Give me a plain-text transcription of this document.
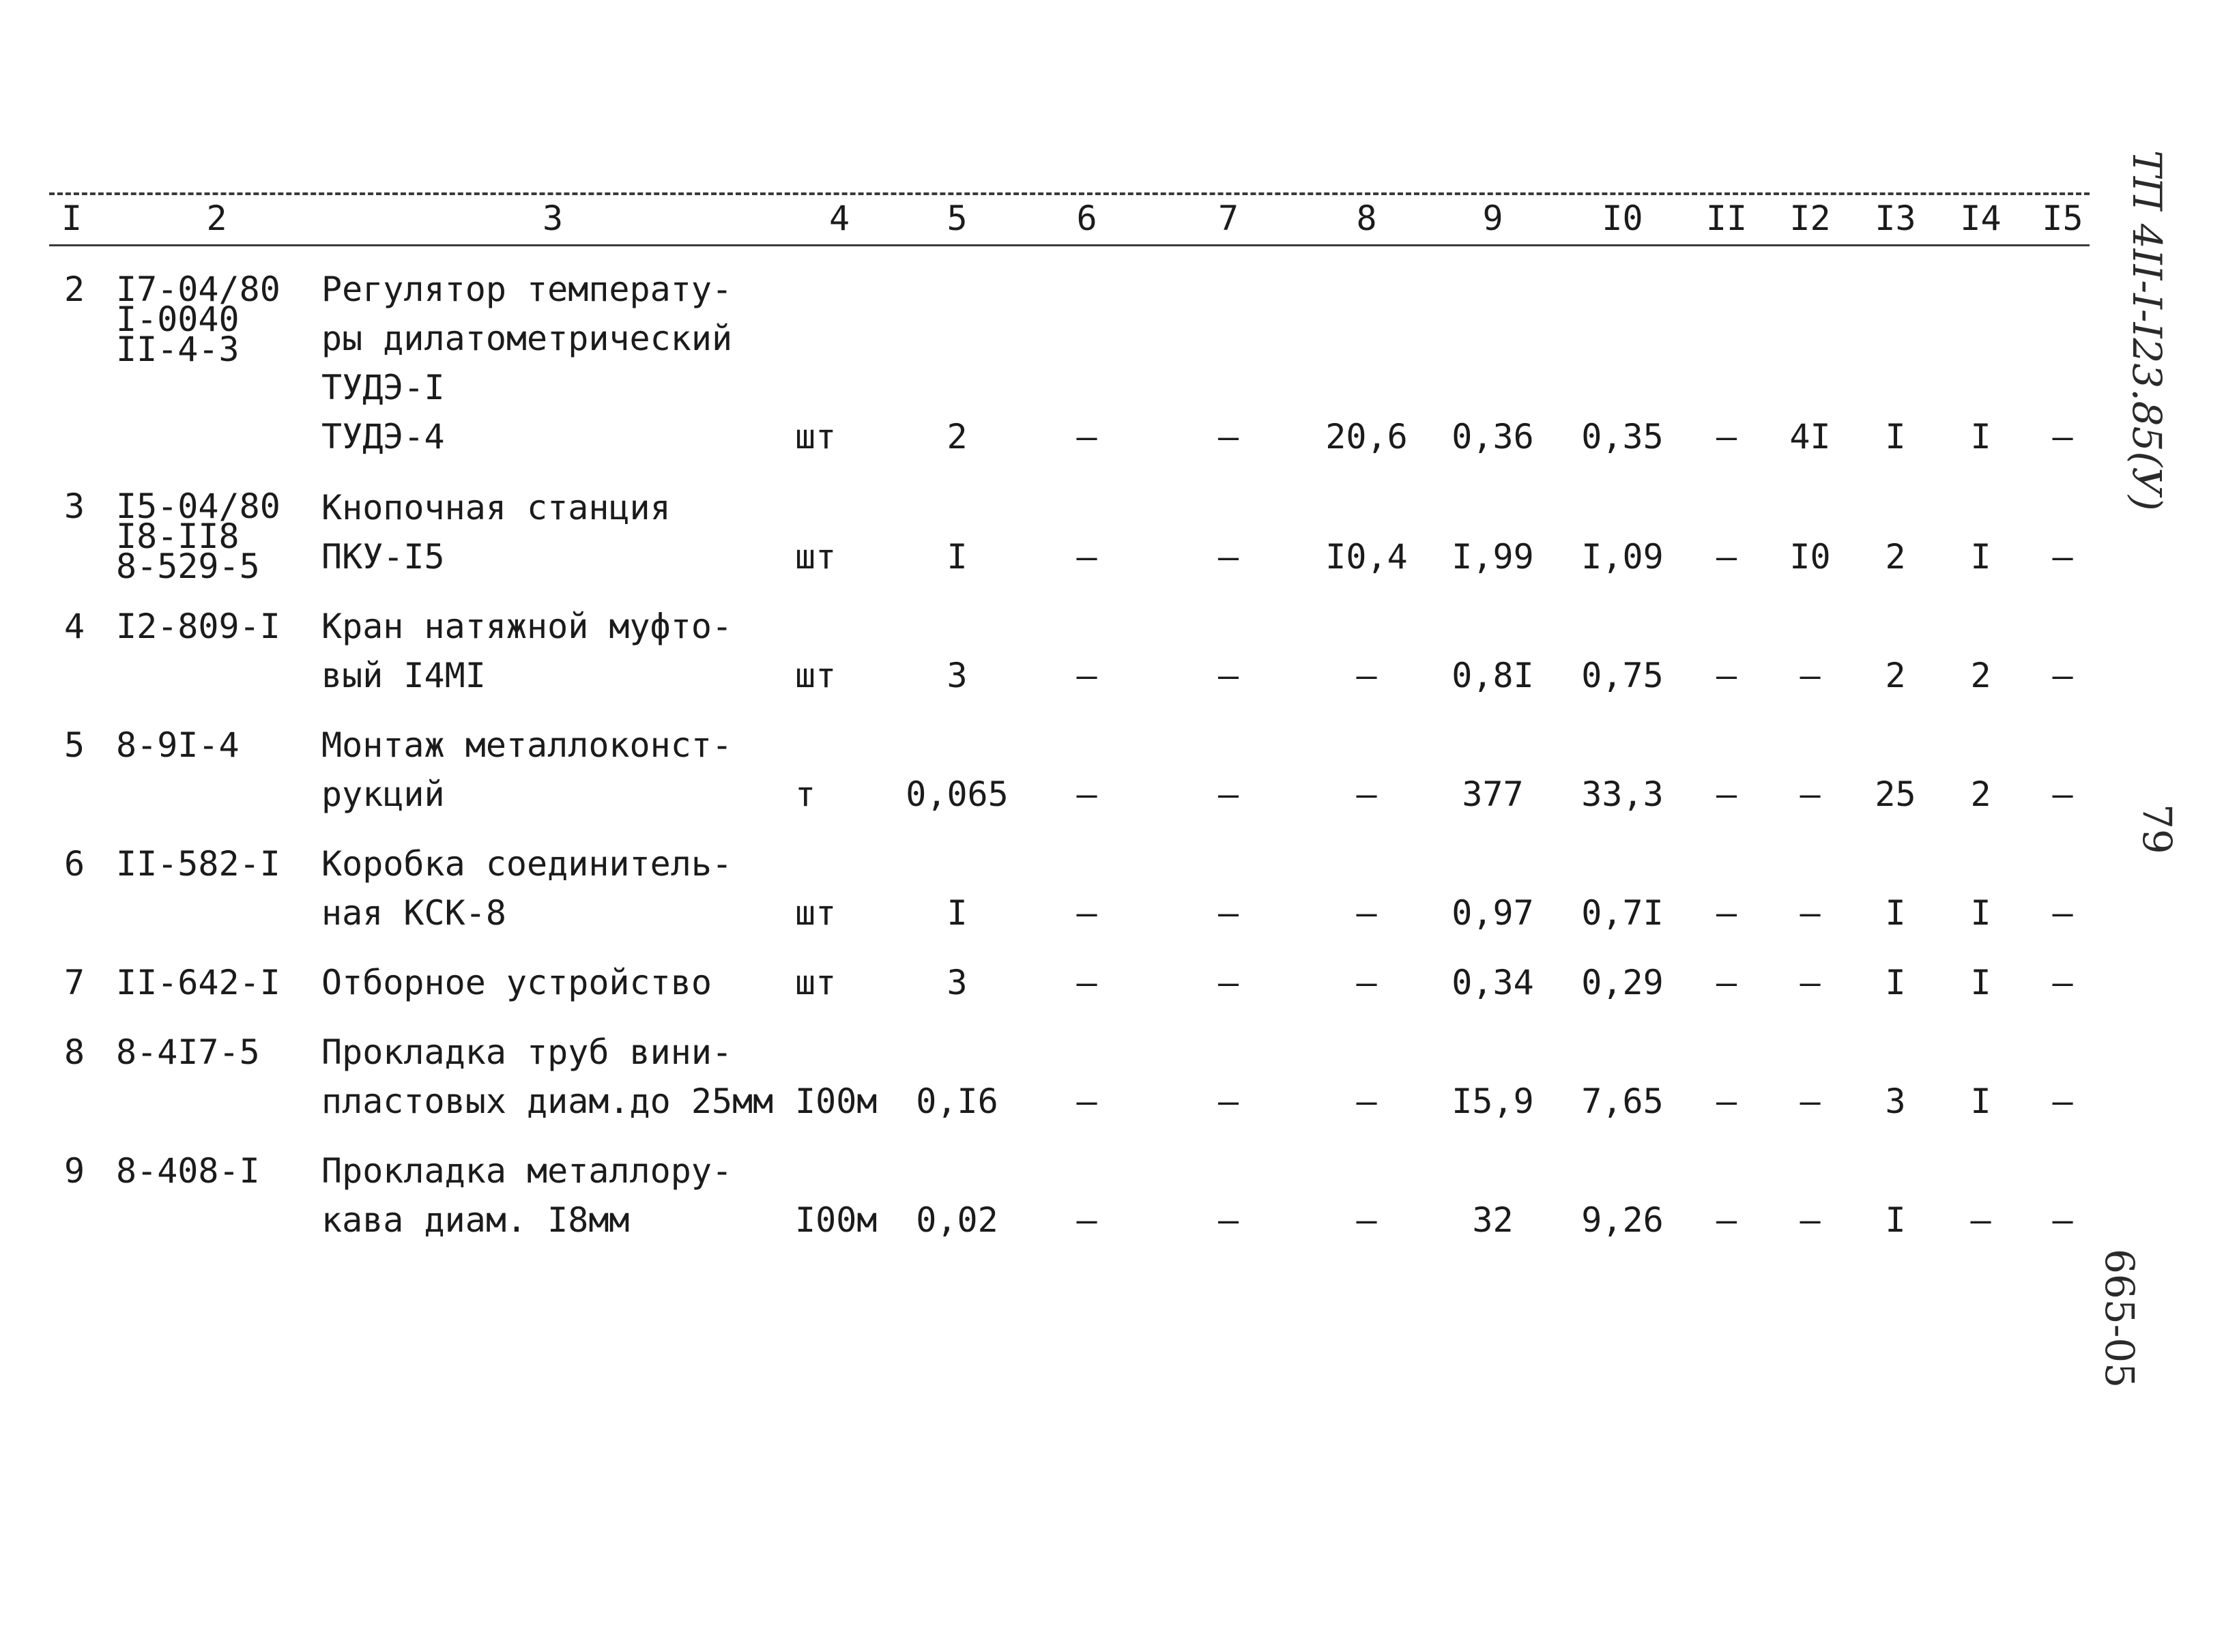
I	2	3	4	5	6	7	8	9	I0	II	I2	I3	I4	I5

2	I7-04/80
I-0040
II-4-3	Регулятор температу-
ры дилатометрический
ТУДЭ-I
ТУДЭ-4	шт	2	–	–	20,6	0,36	0,35	–	4I	I	I	–

3	I5-04/80
I8-II8
8-529-5	Кнопочная станция
ПКУ-I5	шт	I	–	–	I0,4	I,99	I,09	–	I0	2	I	–

4	I2-809-I	Кран натяжной муфто-
вый I4МI	шт	3	–	–	–	0,8I	0,75	–	–	2	2	–

5	8-9I-4	Монтаж металлоконст-
рукций	т	0,065	–	–	–	377	33,3	–	–	25	2	–

6	II-582-I	Коробка соединитель-
ная КСК-8	шт	I	–	–	–	0,97	0,7I	–	–	I	I	–

7	II-642-I	Отборное устройство	шт	3	–	–	–	0,34	0,29	–	–	I	I	–

8	8-4I7-5	Прокладка труб вини-
пластовых диам.до 25мм	I00м	0,I6	–	–	–	I5,9	7,65	–	–	3	I	–

9	8-408-I	Прокладка металлору-
кава диам. I8мм	I00м	0,02	–	–	–	32	9,26	–	–	I	–	–
ТП 4II-I-I23.85(У)
79
665-05
